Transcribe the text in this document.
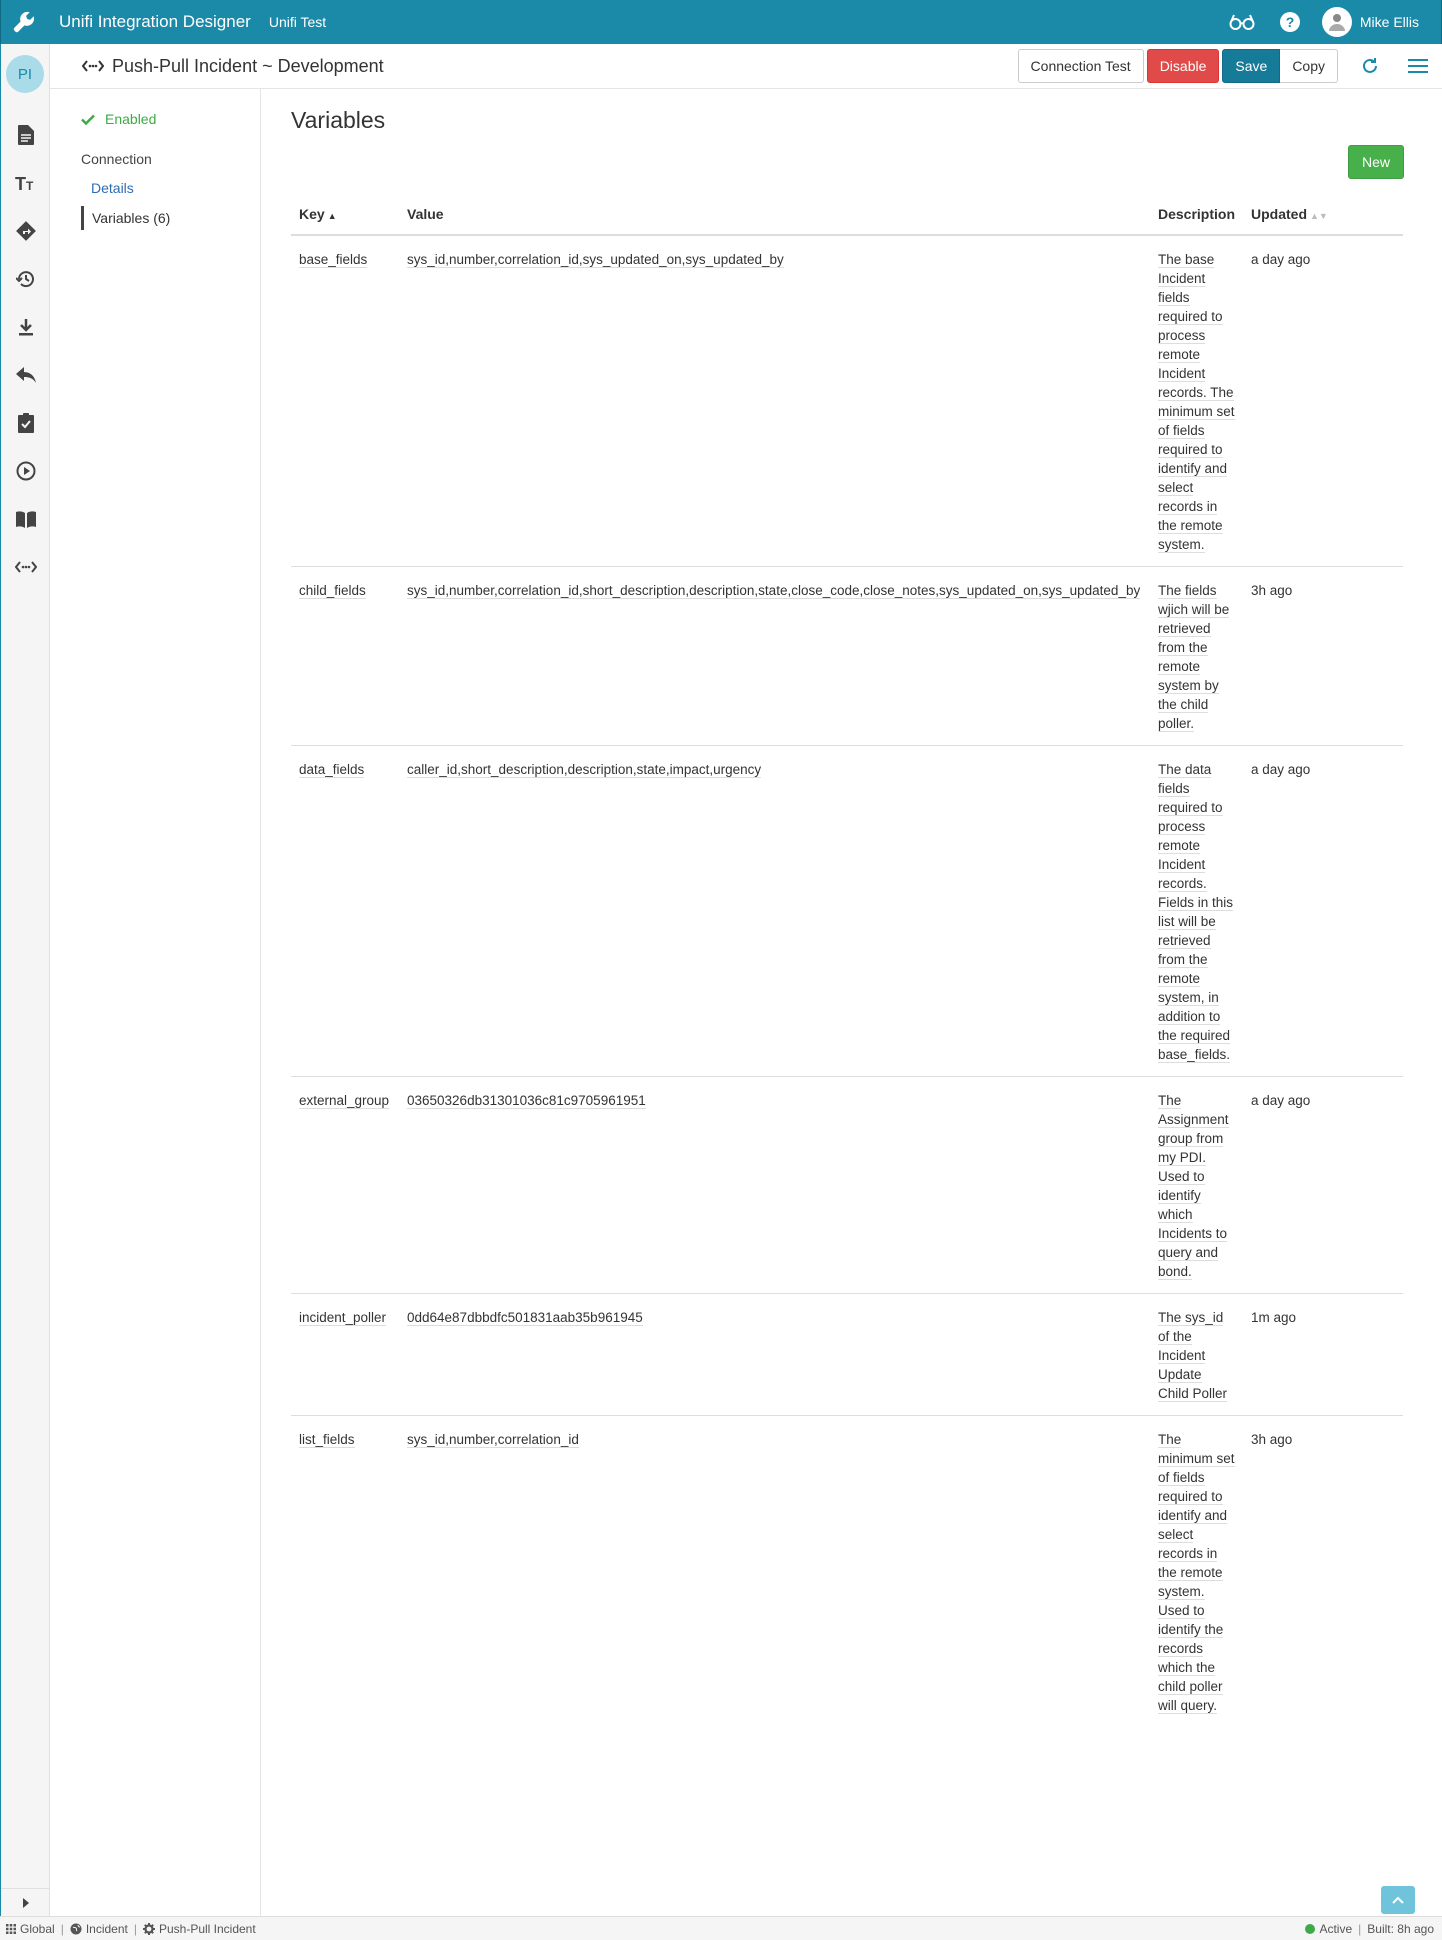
Unifi Integration Designer Unifi Test	?	Mike Ellis
PI
T T
Push-Pull Incident ~ Development	Connection Test	Disable	Save	Copy
Enabled
Connection
Details
Variables (6)
Variables
New
Key ▲	Value	Description	Updated ▲▼
base_fields	sys_id,number,correlation_id,sys_updated_on,sys_updated_by	The base Incident fields required to process remote Incident records. The minimum set of fields required to identify and select records in the remote system.	a day ago
child_fields	sys_id,number,correlation_id,short_description,description,state,close_code,close_notes,sys_updated_on,sys_updated_by	The fields wjich will be retrieved from the remote system by the child poller.	3h ago
data_fields	caller_id,short_description,description,state,impact,urgency	The data fields required to process remote Incident records. Fields in this list will be retrieved from the remote system, in addition to the required base_fields.	a day ago
external_group	03650326db31301036c81c9705961951	The Assignment group from my PDI. Used to identify which Incidents to query and bond.	a day ago
incident_poller	0dd64e87dbbdfc501831aab35b961945	The sys_id of the Incident Update Child Poller	1m ago
list_fields	sys_id,number,correlation_id	The minimum set of fields required to identify and select records in the remote system. Used to identify the records which the child poller will query.	3h ago
Global | Incident | Push-Pull Incident	Active | Built: 8h ago
